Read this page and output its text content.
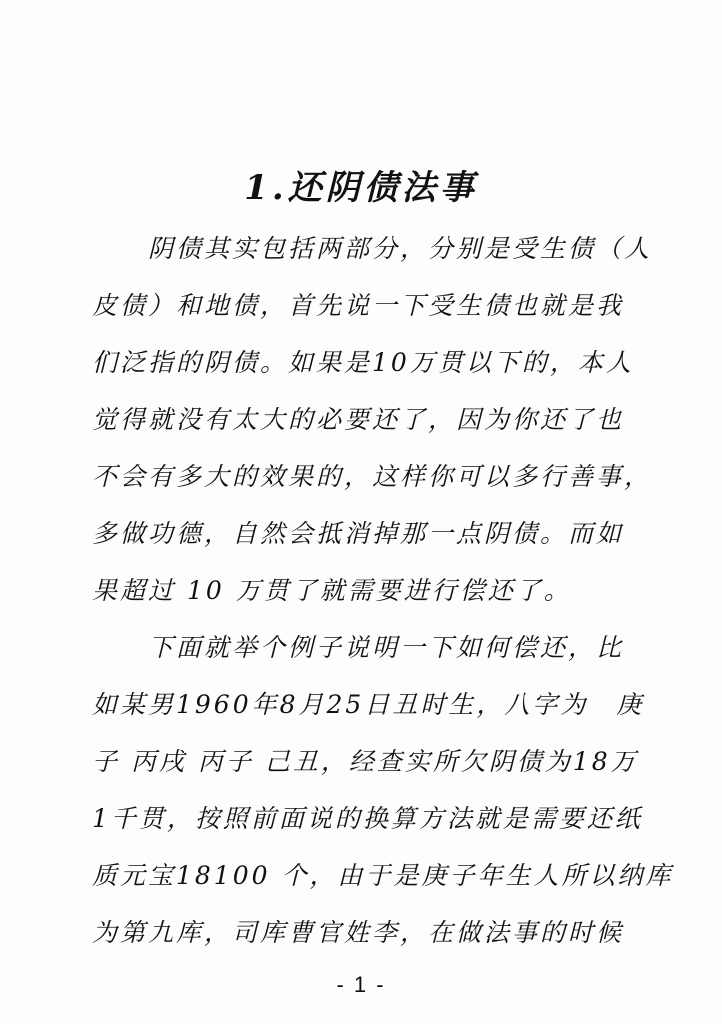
1.还阴债法事

　　阴债其实包括两部分，分别是受生债（人
皮债）和地债，首先说一下受生债也就是我
们泛指的阴债。如果是10万贯以下的，本人
觉得就没有太大的必要还了，因为你还了也
不会有多大的效果的，这样你可以多行善事，
多做功德，自然会抵消掉那一点阴债。而如
果超过 10 万贯了就需要进行偿还了。

　　下面就举个例子说明一下如何偿还，比
如某男1960年8月25日丑时生，八字为　庚
子 丙戌 丙子 己丑，经查实所欠阴债为18万
1千贯，按照前面说的换算方法就是需要还纸
质元宝18100 个，由于是庚子年生人所以纳库
为第九库，司库曹官姓李，在做法事的时候

- 1 -
